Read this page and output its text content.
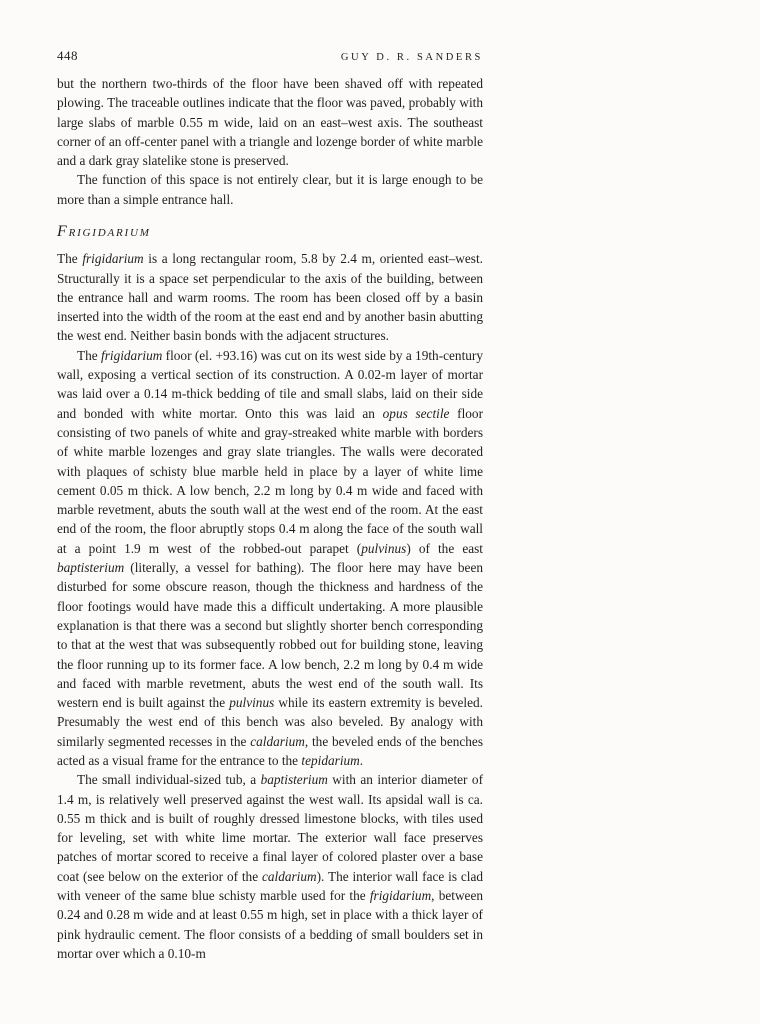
448	GUY D. R. SANDERS

but the northern two-thirds of the floor have been shaved off with repeated plowing. The traceable outlines indicate that the floor was paved, probably with large slabs of marble 0.55 m wide, laid on an east–west axis. The southeast corner of an off-center panel with a triangle and lozenge border of white marble and a dark gray slatelike stone is preserved.

The function of this space is not entirely clear, but it is large enough to be more than a simple entrance hall.

Frigidarium

The frigidarium is a long rectangular room, 5.8 by 2.4 m, oriented east–west. Structurally it is a space set perpendicular to the axis of the building, between the entrance hall and warm rooms. The room has been closed off by a basin inserted into the width of the room at the east end and by another basin abutting the west end. Neither basin bonds with the adjacent structures.

The frigidarium floor (el. +93.16) was cut on its west side by a 19th-century wall, exposing a vertical section of its construction. A 0.02-m layer of mortar was laid over a 0.14 m-thick bedding of tile and small slabs, laid on their side and bonded with white mortar. Onto this was laid an opus sectile floor consisting of two panels of white and gray-streaked white marble with borders of white marble lozenges and gray slate triangles. The walls were decorated with plaques of schisty blue marble held in place by a layer of white lime cement 0.05 m thick. A low bench, 2.2 m long by 0.4 m wide and faced with marble revetment, abuts the south wall at the west end of the room. At the east end of the room, the floor abruptly stops 0.4 m along the face of the south wall at a point 1.9 m west of the robbed-out parapet (pulvinus) of the east baptisterium (literally, a vessel for bathing). The floor here may have been disturbed for some obscure reason, though the thickness and hardness of the floor footings would have made this a difficult undertaking. A more plausible explanation is that there was a second but slightly shorter bench corresponding to that at the west that was subsequently robbed out for building stone, leaving the floor running up to its former face. A low bench, 2.2 m long by 0.4 m wide and faced with marble revetment, abuts the west end of the south wall. Its western end is built against the pulvinus while its eastern extremity is beveled. Presumably the west end of this bench was also beveled. By analogy with similarly segmented recesses in the caldarium, the beveled ends of the benches acted as a visual frame for the entrance to the tepidarium.

The small individual-sized tub, a baptisterium with an interior diameter of 1.4 m, is relatively well preserved against the west wall. Its apsidal wall is ca. 0.55 m thick and is built of roughly dressed limestone blocks, with tiles used for leveling, set with white lime mortar. The exterior wall face preserves patches of mortar scored to receive a final layer of colored plaster over a base coat (see below on the exterior of the caldarium). The interior wall face is clad with veneer of the same blue schisty marble used for the frigidarium, between 0.24 and 0.28 m wide and at least 0.55 m high, set in place with a thick layer of pink hydraulic cement. The floor consists of a bedding of small boulders set in mortar over which a 0.10-m
